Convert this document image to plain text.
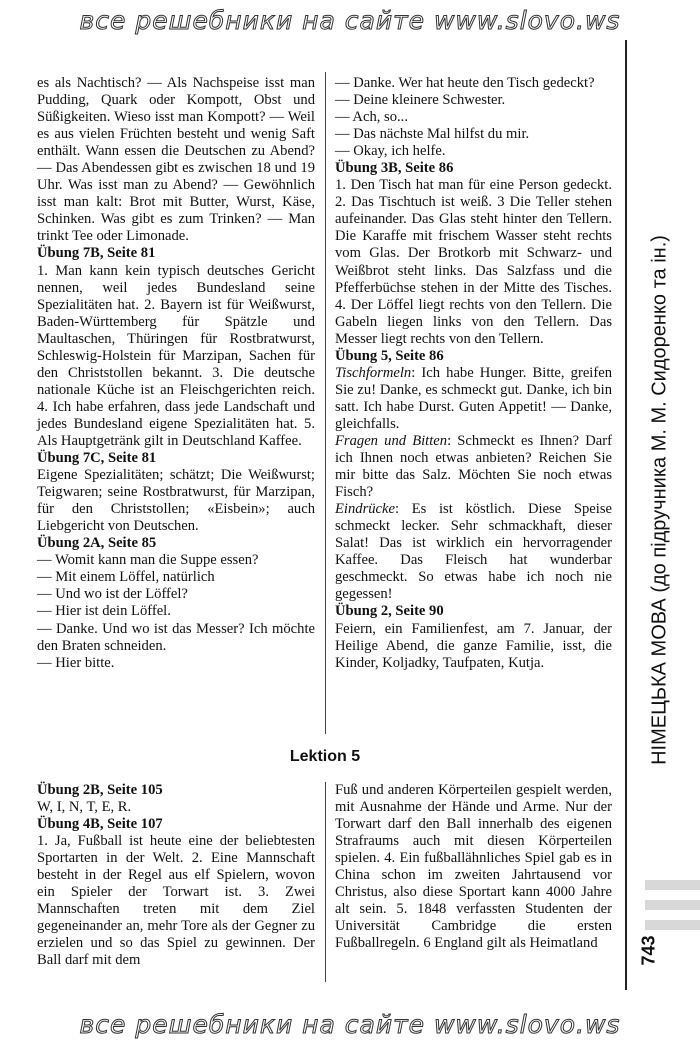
все решебники на сайте www.slovo.ws

es als Nachtisch? — Als Nachspeise isst man Pudding, Quark oder Kompott, Obst und Süßigkeiten. Wieso isst man Kompott? — Weil es aus vielen Früchten besteht und wenig Saft enthält. Wann essen die Deutschen zu Abend? — Das Abendessen gibt es zwischen 18 und 19 Uhr. Was isst man zu Abend? — Gewöhnlich isst man kalt: Brot mit Butter, Wurst, Käse, Schinken. Was gibt es zum Trinken? — Man trinkt Tee oder Limonade.

Übung 7B, Seite 81

1. Man kann kein typisch deutsches Gericht nennen, weil jedes Bundesland seine Spezialitäten hat. 2. Bayern ist für Weißwurst, Baden-Württemberg für Spätzle und Maultaschen, Thüringen für Rostbratwurst, Schleswig-Holstein für Marzipan, Sachen für den Christstollen bekannt. 3. Die deutsche nationale Küche ist an Fleischgerichten reich. 4. Ich habe erfahren, dass jede Landschaft und jedes Bundesland eigene Spezialitäten hat. 5. Als Hauptgetränk gilt in Deutschland Kaffee.

Übung 7C, Seite 81

Eigene Spezialitäten; schätzt; Die Weißwurst; Teigwaren; seine Rostbratwurst, für Marzipan, für den Christstollen; «Eisbein»; auch Liebgericht von Deutschen.

Übung 2A, Seite 85

— Womit kann man die Suppe essen?

— Mit einem Löffel, natürlich

— Und wo ist der Löffel?

— Hier ist dein Löffel.

— Danke. Und wo ist das Messer? Ich möchte den Braten schneiden.

— Hier bitte.

— Danke. Wer hat heute den Tisch gedeckt?

— Deine kleinere Schwester.

— Ach, so...

— Das nächste Mal hilfst du mir.

— Okay, ich helfe.

Übung 3B, Seite 86

1. Den Tisch hat man für eine Person gedeckt. 2. Das Tischtuch ist weiß. 3 Die Teller stehen aufeinander. Das Glas steht hinter den Tellern. Die Karaffe mit frischem Wasser steht rechts vom Glas. Der Brotkorb mit Schwarz- und Weißbrot steht links. Das Salzfass und die Pfefferbüchse stehen in der Mitte des Tisches. 4. Der Löffel liegt rechts von den Tellern. Die Gabeln liegen links von den Tellern. Das Messer liegt rechts von den Tellern.

Übung 5, Seite 86

Tischformeln: Ich habe Hunger. Bitte, greifen Sie zu! Danke, es schmeckt gut. Danke, ich bin satt. Ich habe Durst. Guten Appetit! — Danke, gleichfalls.

Fragen und Bitten: Schmeckt es Ihnen? Darf ich Ihnen noch etwas anbieten? Reichen Sie mir bitte das Salz. Möchten Sie noch etwas Fisch?

Eindrücke: Es ist köstlich. Diese Speise schmeckt lecker. Sehr schmackhaft, dieser Salat! Das ist wirklich ein hervorragender Kaffee. Das Fleisch hat wunderbar geschmeckt. So etwas habe ich noch nie gegessen!

Übung 2, Seite 90

Feiern, ein Familienfest, am 7. Januar, der Heilige Abend, die ganze Familie, isst, die Kinder, Koljadky, Taufpaten, Kutja.

Lektion 5

Übung 2B, Seite 105

W, I, N, T, E, R.

Übung 4B, Seite 107

1. Ja, Fußball ist heute eine der beliebtesten Sportarten in der Welt. 2. Eine Mannschaft besteht in der Regel aus elf Spielern, wovon ein Spieler der Torwart ist. 3. Zwei Mannschaften treten mit dem Ziel gegeneinander an, mehr Tore als der Gegner zu erzielen und so das Spiel zu gewinnen. Der Ball darf mit dem

Fuß und anderen Körperteilen gespielt werden, mit Ausnahme der Hände und Arme. Nur der Torwart darf den Ball innerhalb des eigenen Strafraums auch mit diesen Körperteilen spielen. 4. Ein fußballähnliches Spiel gab es in China schon im zweiten Jahrtausend vor Christus, also diese Sportart kann 4000 Jahre alt sein. 5. 1848 verfassten Studenten der Universität Cambridge die ersten Fußballregeln. 6 England gilt als Heimatland

НІМЕЦЬКА МОВА (до підручника М. М. Сидоренко та ін.)
743
все решебники на сайте www.slovo.ws
